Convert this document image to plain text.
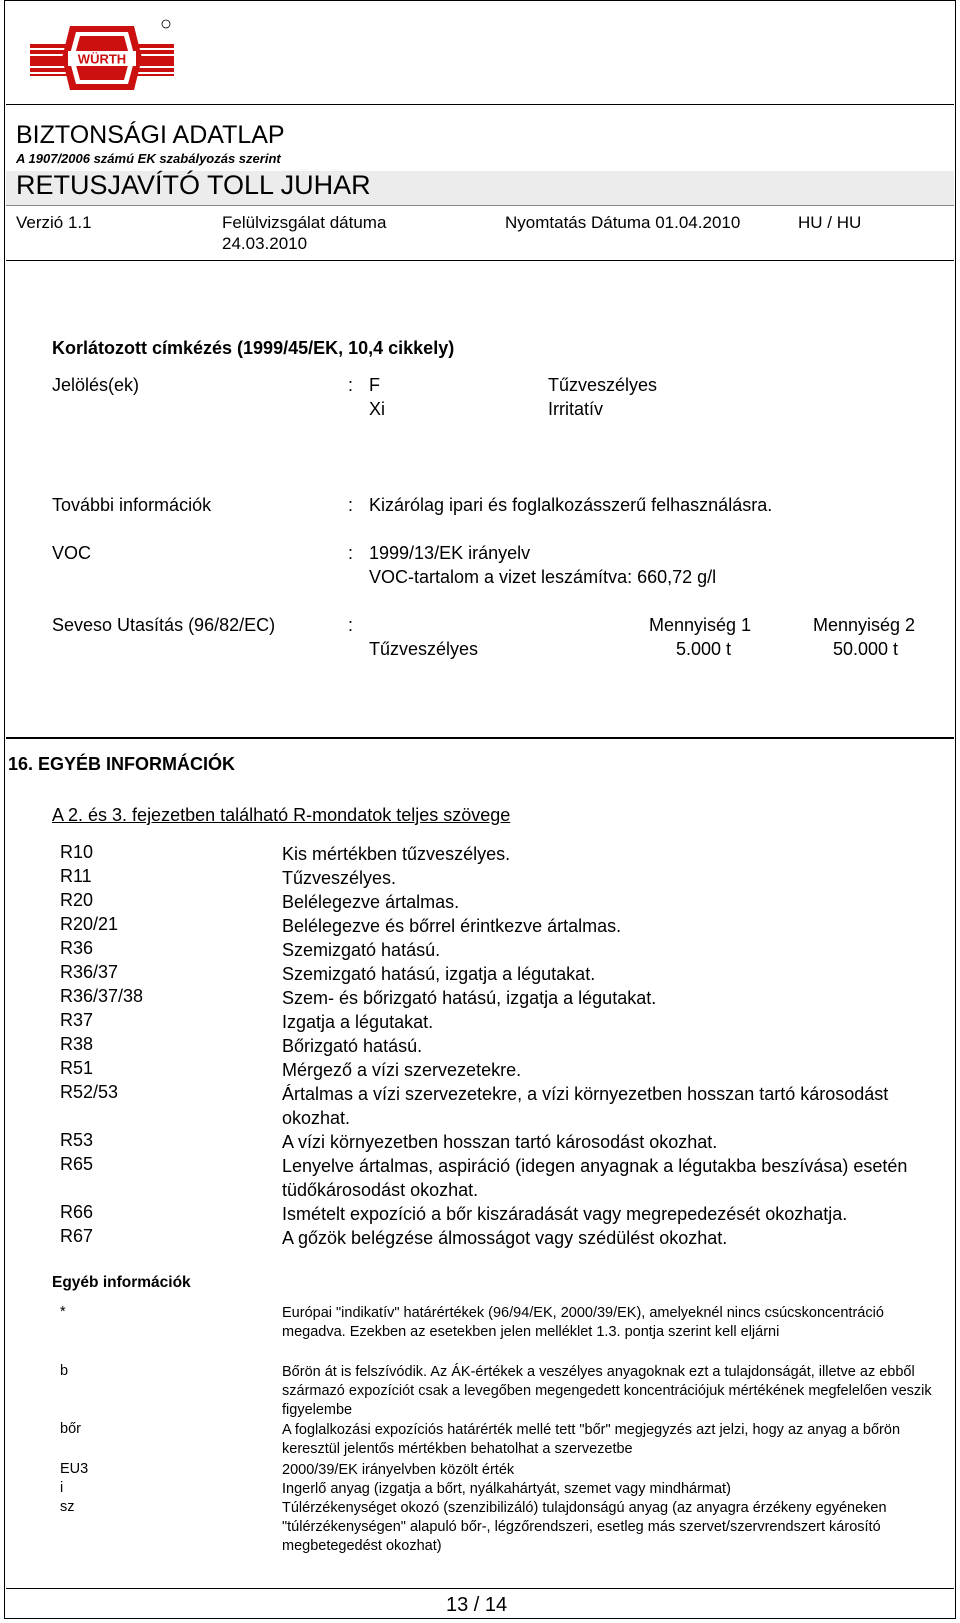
WÜRTH
BIZTONSÁGI ADATLAP
A 1907/2006 számú EK szabályozás szerint
RETUSJAVÍTÓ TOLL JUHAR
Verzió 1.1	Felülvizsgálat dátuma
24.03.2010
Nyomtatás Dátuma 01.04.2010	HU / HU
Korlátozott címkézés (1999/45/EK, 10,4 cikkely)
Jelölés(ek)	: F	Tűzveszélyes
Xi	Irritatív
További információk	: Kizárólag ipari és foglalkozásszerű felhasználásra.
VOC	: 1999/13/EK irányelv
VOC-tartalom a vizet leszámítva: 660,72 g/l
Seveso Utasítás (96/82/EC)	:	Mennyiség 1	Mennyiség 2
Tűzveszélyes	5.000 t	50.000 t
16. EGYÉB INFORMÁCIÓK
A 2. és 3. fejezetben található R-mondatok teljes szövege
R10	Kis mértékben tűzveszélyes.
R11	Tűzveszélyes.
R20	Belélegezve ártalmas.
R20/21	Belélegezve és bőrrel érintkezve ártalmas.
R36	Szemizgató hatású.
R36/37	Szemizgató hatású, izgatja a légutakat.
R36/37/38	Szem- és bőrizgató hatású, izgatja a légutakat.
R37	Izgatja a légutakat.
R38	Bőrizgató hatású.
R51	Mérgező a vízi szervezetekre.
R52/53	Ártalmas a vízi szervezetekre, a vízi környezetben hosszan tartó károsodást okozhat.
R53	A vízi környezetben hosszan tartó károsodást okozhat.
R65	Lenyelve ártalmas, aspiráció (idegen anyagnak a légutakba beszívása) esetén tüdőkárosodást okozhat.
R66	Ismételt expozíció a bőr kiszáradását vagy megrepedezését okozhatja.
R67	A gőzök belégzése álmosságot vagy szédülést okozhat.
Egyéb információk
*	Európai "indikatív" határértékek (96/94/EK, 2000/39/EK), amelyeknél nincs csúcskoncentráció megadva. Ezekben az esetekben jelen melléklet 1.3. pontja szerint kell eljárni
b	Bőrön át is felszívódik. Az ÁK-értékek a veszélyes anyagoknak ezt a tulajdonságát, illetve az ebből származó expozíciót csak a levegőben megengedett koncentrációjuk mértékének megfelelően veszik figyelembe
bőr	A foglalkozási expozíciós határérték mellé tett "bőr" megjegyzés azt jelzi, hogy az anyag a bőrön keresztül jelentős mértékben behatolhat a szervezetbe
EU3	2000/39/EK irányelvben közölt érték
i	Ingerlő anyag (izgatja a bőrt, nyálkahártyát, szemet vagy mindhármat)
sz	Túlérzékenységet okozó (szenzibilizáló) tulajdonságú anyag (az anyagra érzékeny egyéneken "túlérzékenységen" alapuló bőr-, légzőrendszeri, esetleg más szervet/szervrendszert károsító megbetegedést okozhat)
13 / 14
